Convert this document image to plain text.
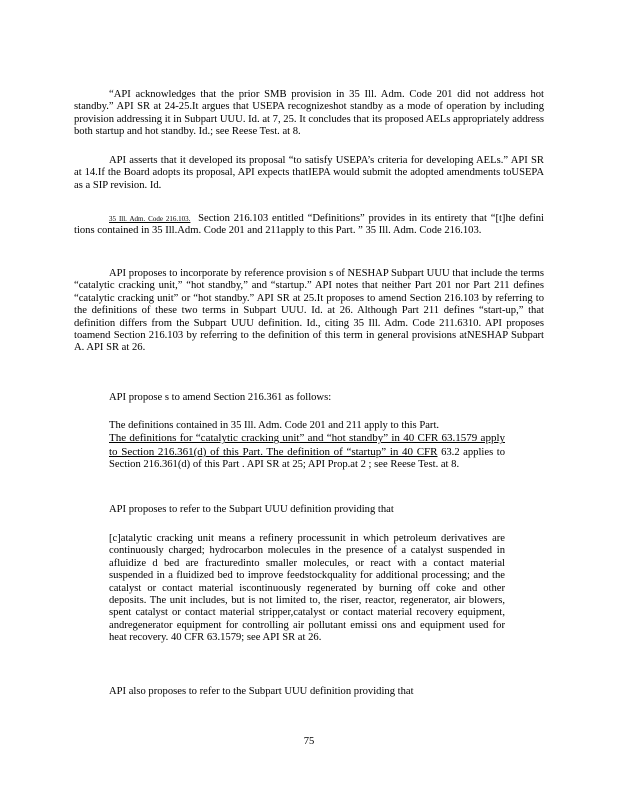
“API acknowledges that the prior SMB provision in 35 Ill. Adm. Code 201 did not address hot standby.” API SR at 24-25.It argues that USEPA recognizeshot standby as a mode of operation by including provision addressing it in Subpart UUU. Id. at 7, 25. It concludes that its proposed AELs appropriately address both startup and hot standby. Id.; see Reese Test. at 8.

API asserts that it developed its proposal “to satisfy USEPA’s criteria for developing AELs.” API SR at 14.If the Board adopts its proposal, API expects thatIEPA would submit the adopted amendments toUSEPA as a SIP revision. Id.

35 Ill. Adm. Code 216.103. Section 216.103 entitled “Definitions” provides in its entirety that “[t]he defini tions contained in 35 Ill.Adm. Code 201 and 211apply to this Part. ” 35 Ill. Adm. Code 216.103.

API proposes to incorporate by reference provision s of NESHAP Subpart UUU that include the terms “catalytic cracking unit,” “hot standby,” and “startup.” API notes that neither Part 201 nor Part 211 defines “catalytic cracking unit” or “hot standby.” API SR at 25.It proposes to amend Section 216.103 by referring to the definitions of these two terms in Subpart UUU. Id. at 26. Although Part 211 defines “start-up,” that definition differs from the Subpart UUU definition. Id., citing 35 Ill. Adm. Code 211.6310. API proposes toamend Section 216.103 by referring to the definition of this term in general provisions atNESHAP Subpart A. API SR at 26.

API propose s to amend Section 216.361 as follows:

The definitions contained in 35 Ill. Adm. Code 201 and 211 apply to this Part.
The definitions for “catalytic cracking unit” and “hot standby” in 40 CFR 63.1579 apply to Section 216.361(d) of this Part. The definition of “startup” in 40 CFR 63.2 applies to Section 216.361(d) of this Part . API SR at 25; API Prop.at 2 ; see Reese Test. at 8.

API proposes to refer to the Subpart UUU definition providing that

[c]atalytic cracking unit means a refinery processunit in which petroleum derivatives are continuously charged; hydrocarbon molecules in the presence of a catalyst suspended in afluidize d bed are fracturedinto smaller molecules, or react with a contact material suspended in a fluidized bed to improve feedstockquality for additional processing; and the catalyst or contact material iscontinuously regenerated by burning off coke and other deposits. The unit includes, but is not limited to, the riser, reactor, regenerator, air blowers, spent catalyst or contact material stripper,catalyst or contact material recovery equipment, andregenerator equipment for controlling air pollutant emissi ons and equipment used for heat recovery. 40 CFR 63.1579; see API SR at 26.

API also proposes to refer to the Subpart UUU definition providing that

75
